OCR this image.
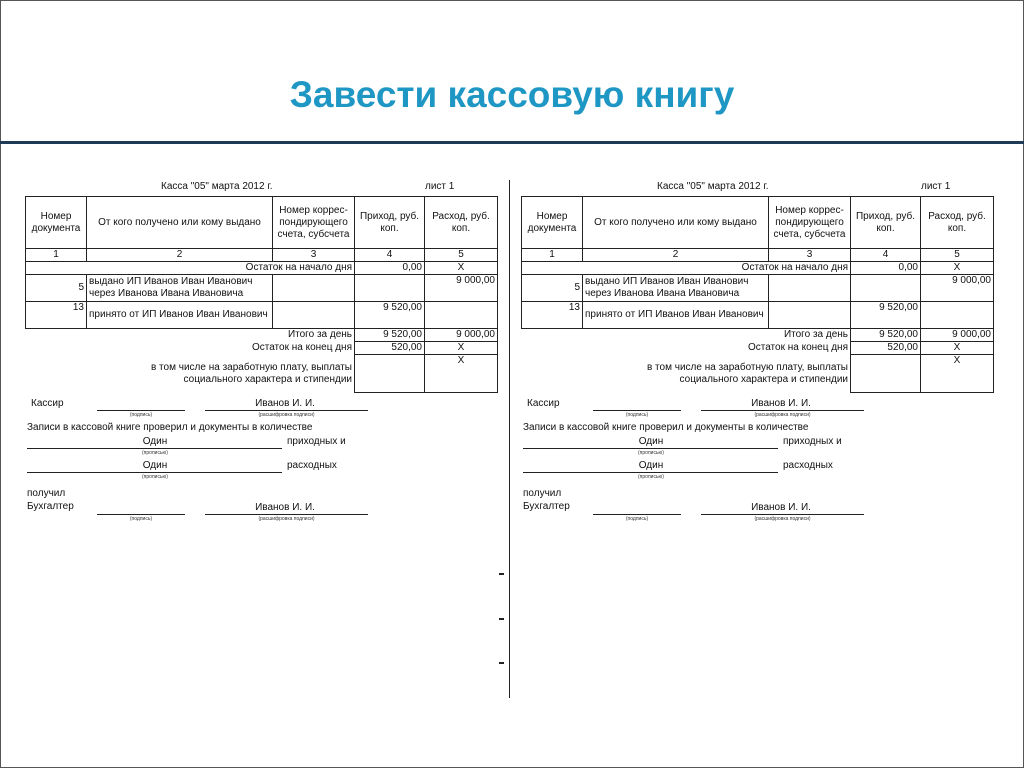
Завести кассовую книгу
Касса "05" марта 2012 г.	лист 1
Номер документа	От кого получено или кому выдано	Номер коррес-пондирующего счета, субсчета	Приход, руб. коп.	Расход, руб. коп.
1	2	3	4	5
Остаток на начало дня			0,00	X
5	выдано ИП Иванов Иван Иванович через Иванова Ивана Ивановича			9 000,00
13	принято от ИП Иванов Иван Иванович		9 520,00	
Итого за день			9 520,00	9 000,00
Остаток на конец дня			520,00	X
	в том числе на заработную плату, выплаты социального характера и стипендии			X
Кассир
(подпись)
Иванов И. И.
(расшифровка подписи)
Записи в кассовой книге проверил и документы в количестве
Один
(прописью)
приходных и
Один
(прописью)
расходных
получил
Бухгалтер
(подпись)
Иванов И. И.
(расшифровка подписи)
Касса "05" марта 2012 г.	лист 1
Номер документа	От кого получено или кому выдано	Номер коррес-пондирующего счета, субсчета	Приход, руб. коп.	Расход, руб. коп.
1	2	3	4	5
Остаток на начало дня			0,00	X
5	выдано ИП Иванов Иван Иванович через Иванова Ивана Ивановича			9 000,00
13	принято от ИП Иванов Иван Иванович		9 520,00	
Итого за день			9 520,00	9 000,00
Остаток на конец дня			520,00	X
	в том числе на заработную плату, выплаты социального характера и стипендии			X
Кассир
(подпись)
Иванов И. И.
(расшифровка подписи)
Записи в кассовой книге проверил и документы в количестве
Один
(прописью)
приходных и
Один
(прописью)
расходных
получил
Бухгалтер
(подпись)
Иванов И. И.
(расшифровка подписи)
